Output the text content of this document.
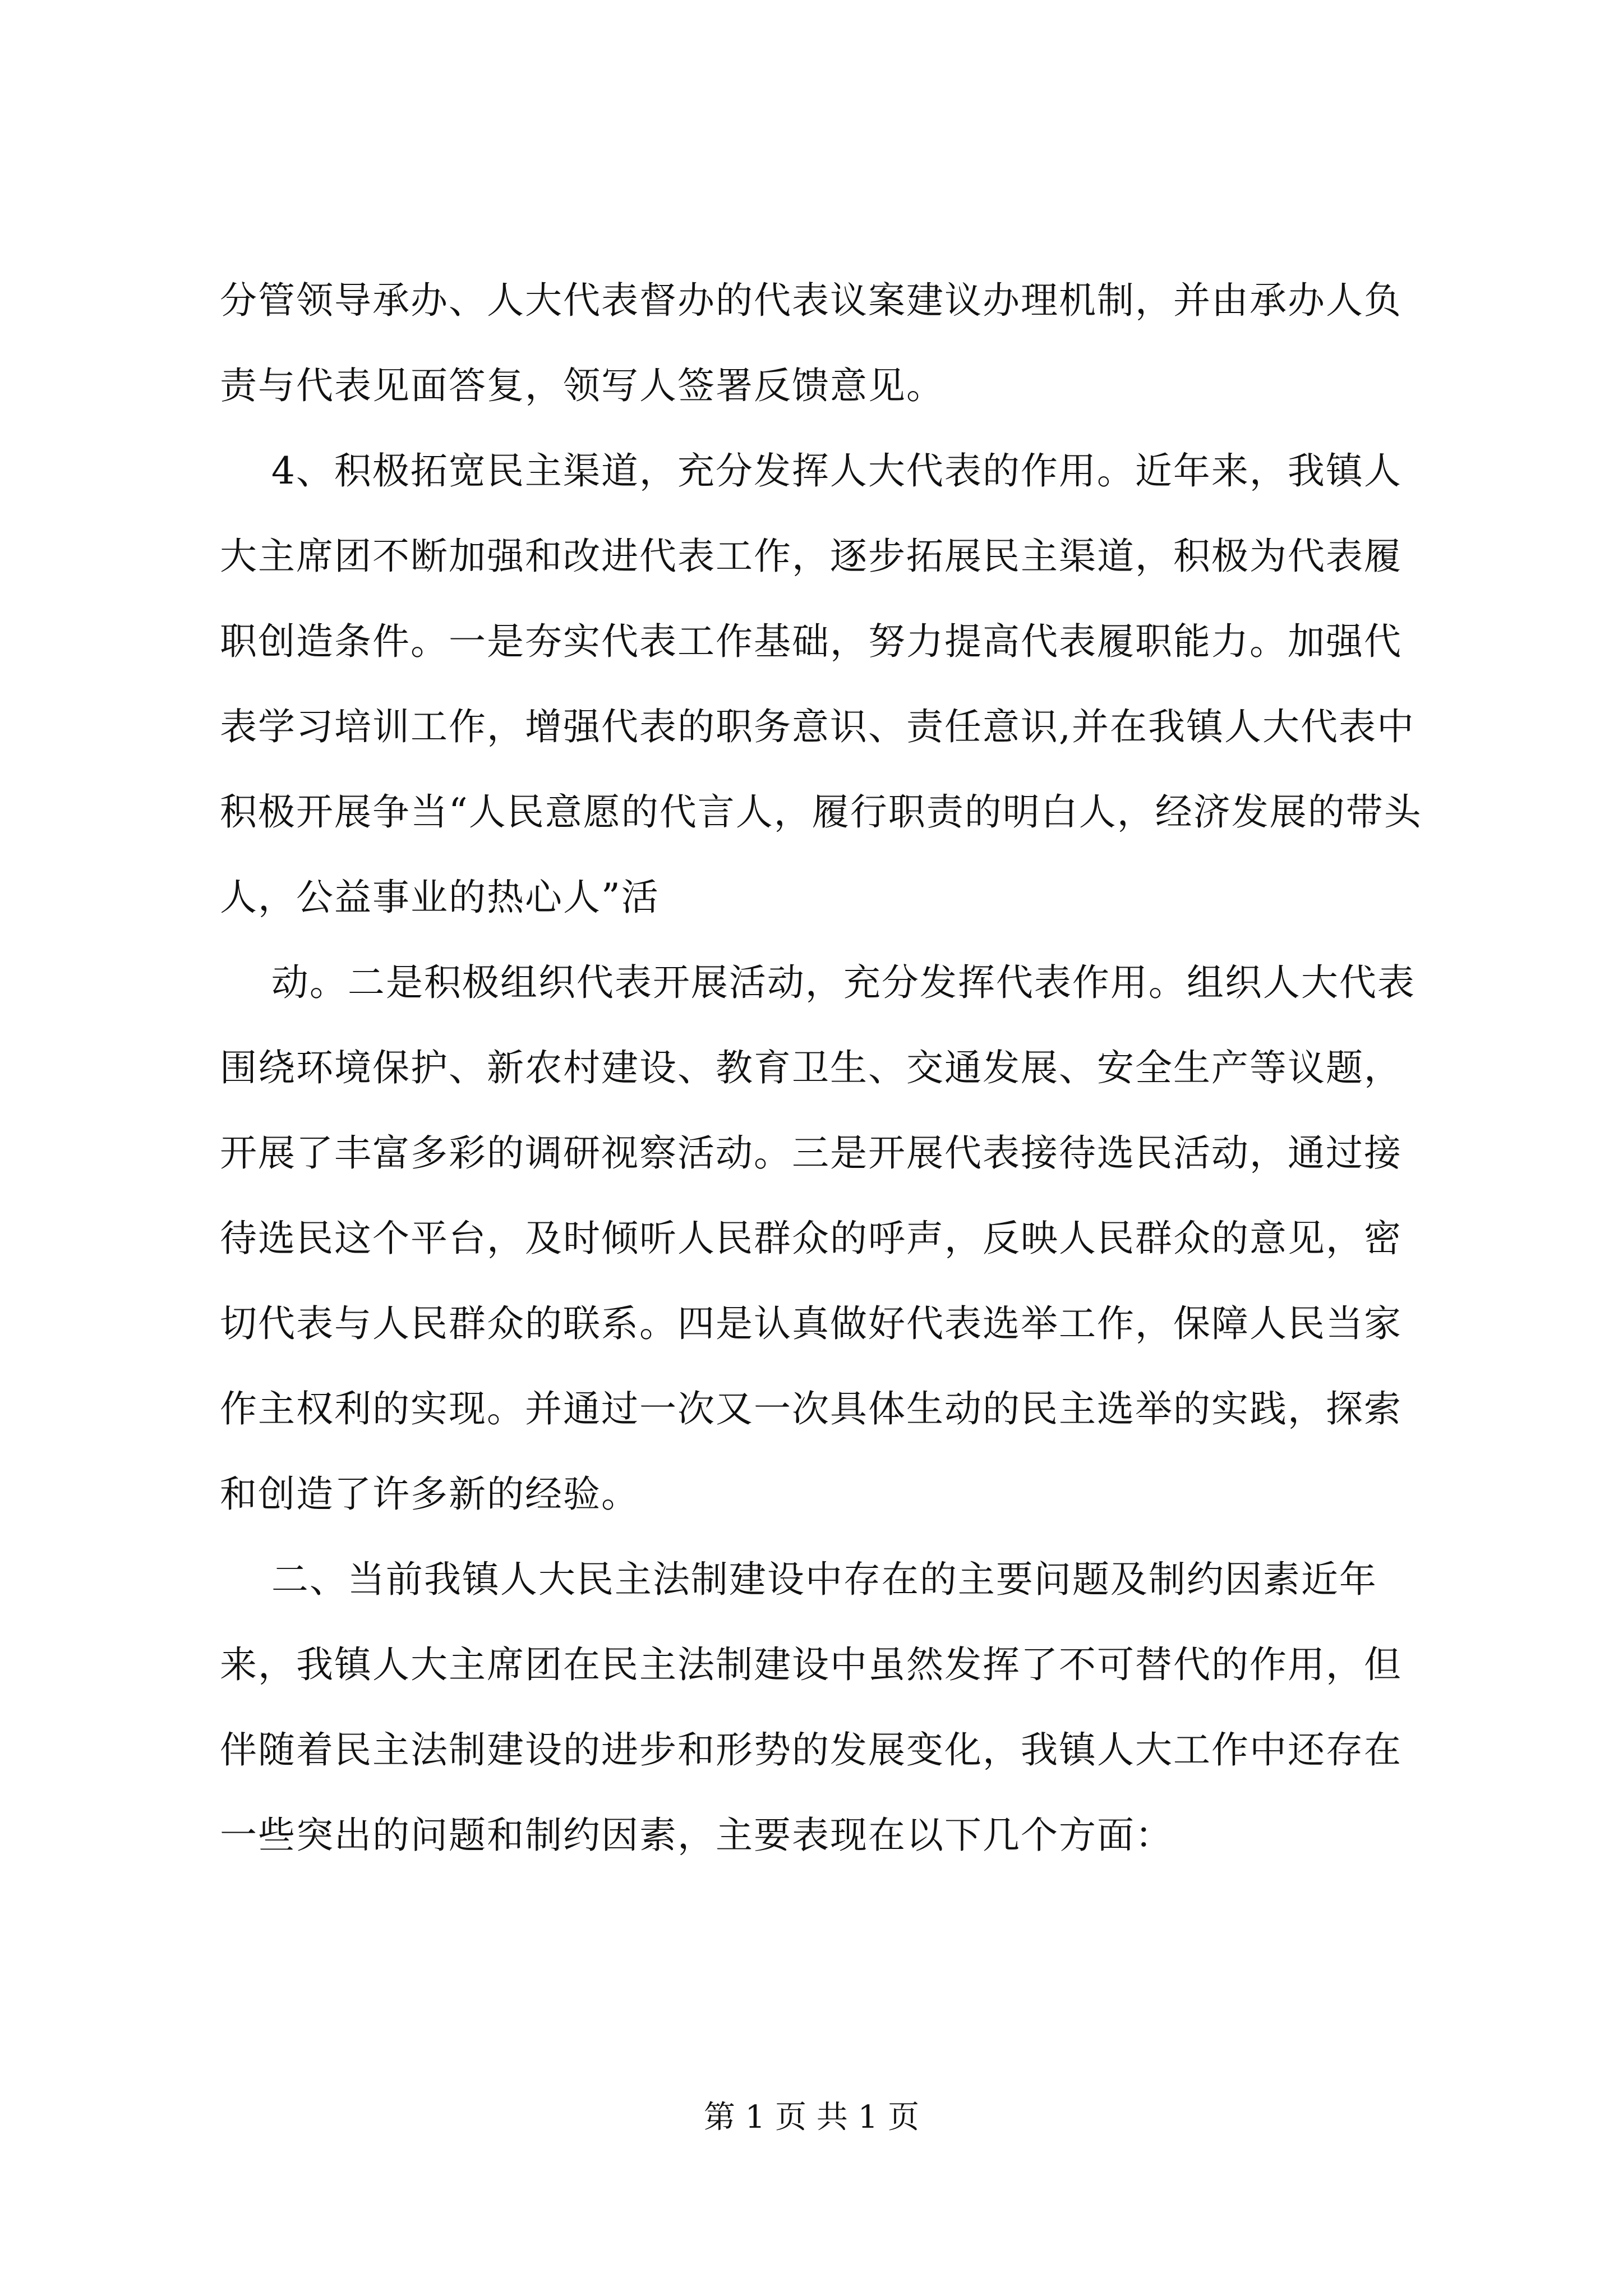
分管领导承办、人大代表督办的代表议案建议办理机制，并由承办人负责与代表见面答复，领写人签署反馈意见。

4、积极拓宽民主渠道，充分发挥人大代表的作用。近年来，我镇人大主席团不断加强和改进代表工作，逐步拓展民主渠道，积极为代表履职创造条件。一是夯实代表工作基础，努力提高代表履职能力。加强代表学习培训工作，增强代表的职务意识、责任意识,并在我镇人大代表中积极开展争当“人民意愿的代言人，履行职责的明白人，经济发展的带头人，公益事业的热心人”活

动。二是积极组织代表开展活动，充分发挥代表作用。组织人大代表围绕环境保护、新农村建设、教育卫生、交通发展、安全生产等议题，开展了丰富多彩的调研视察活动。三是开展代表接待选民活动，通过接待选民这个平台，及时倾听人民群众的呼声，反映人民群众的意见，密切代表与人民群众的联系。四是认真做好代表选举工作，保障人民当家作主权利的实现。并通过一次又一次具体生动的民主选举的实践，探索和创造了许多新的经验。

二、当前我镇人大民主法制建设中存在的主要问题及制约因素近年来，我镇人大主席团在民主法制建设中虽然发挥了不可替代的作用，但伴随着民主法制建设的进步和形势的发展变化，我镇人大工作中还存在一些突出的问题和制约因素，主要表现在以下几个方面：

第 1 页 共 1 页
